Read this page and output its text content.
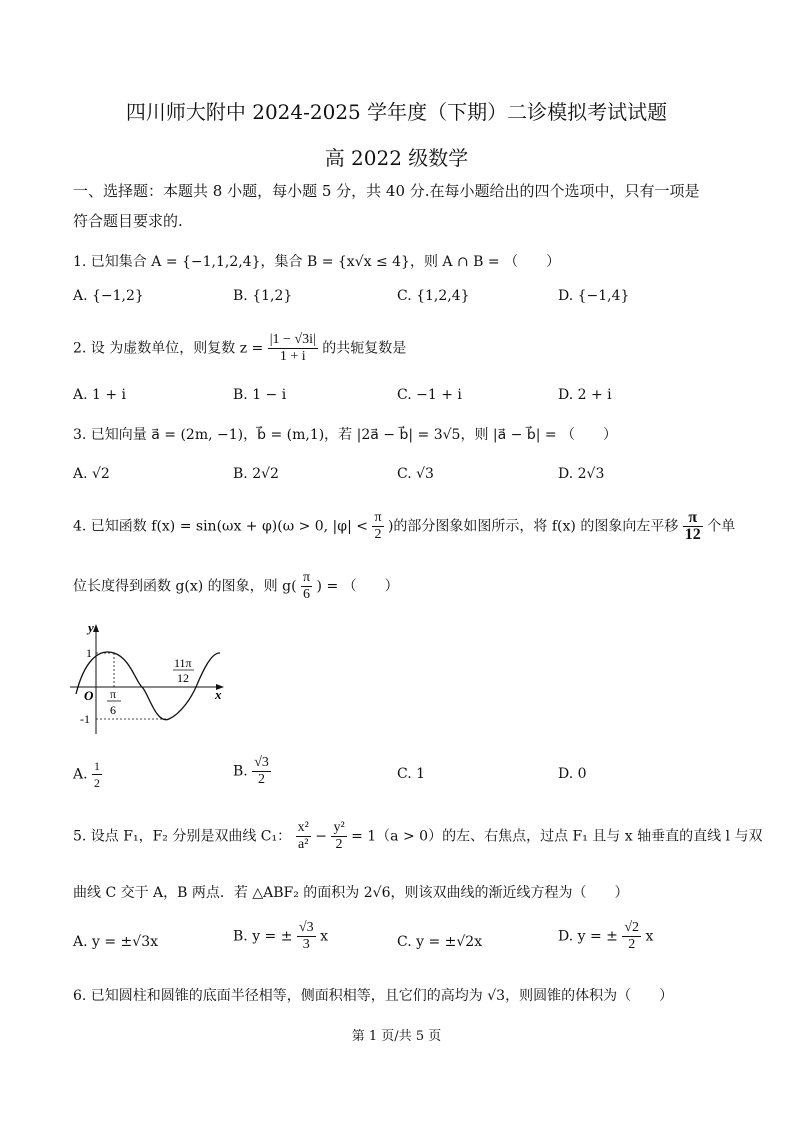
四川师大附中 2024-2025 学年度（下期）二诊模拟考试试题
高 2022 级数学
一、选择题：本题共 8 小题，每小题 5 分，共 40 分.在每小题给出的四个选项中，只有一项是
符合题目要求的.
1. 已知集合 A = {−1,1,2,4}，集合 B = {x√x ≤ 4}，则 A ∩ B = （　　）
A. {−1,2}	B. {1,2}	C. {1,2,4}	D. {−1,4}
2. 设 为虚数单位，则复数 $z = \frac{|1 - √3i|}{1 + i}$ 的共轭复数是
A. 1 + i	B. 1 − i	C. −1 + i	D. 2 + i
3. 已知向量 a⃗ = (2m, −1)，b⃗ = (m,1)，若 |2a⃗ − b⃗| = 3√5，则 |a⃗ − b⃗| = （　　）
A. √2	B. 2√2	C. √3	D. 2√3
4. 已知函数 f(x) = sin(ωx + φ)(ω > 0, $|\varphi| < \frac{\pi}{2}$ )的部分图象如图所示，将 f(x) 的图象向左平移 $\frac{\pi}{12}$ 个单
位长度得到函数 g(x) 的图象，则 $g( \frac{\pi}{6}$ ) = （　　）
y
x
O
1
-1
π
6
11π
12
A. $\frac{1}{2}$	B. $\frac{√3}{2}$	C. 1	D. 0
5. 设点 F₁，F₂ 分别是双曲线 C₁： $\frac{\text{x²}}{\text{a²}} - \frac{\text{y²}}{2} = 1(a > 0)$的左、右焦点，过点 F₁ 且与 x 轴垂直的直线 l 与双
曲线 C 交于 A，B 两点．若 △ABF₂ 的面积为 2√6，则该双曲线的渐近线方程为（　　）
A. y = ±√3x	B. y = ± $\frac{√3}{3}$ x	C. y = ±√2x	D. y = ± $\frac{√2}{2}$ x
6. 已知圆柱和圆锥的底面半径相等，侧面积相等，且它们的高均为 √3，则圆锥的体积为（　　）
第 1 页/共 5 页
